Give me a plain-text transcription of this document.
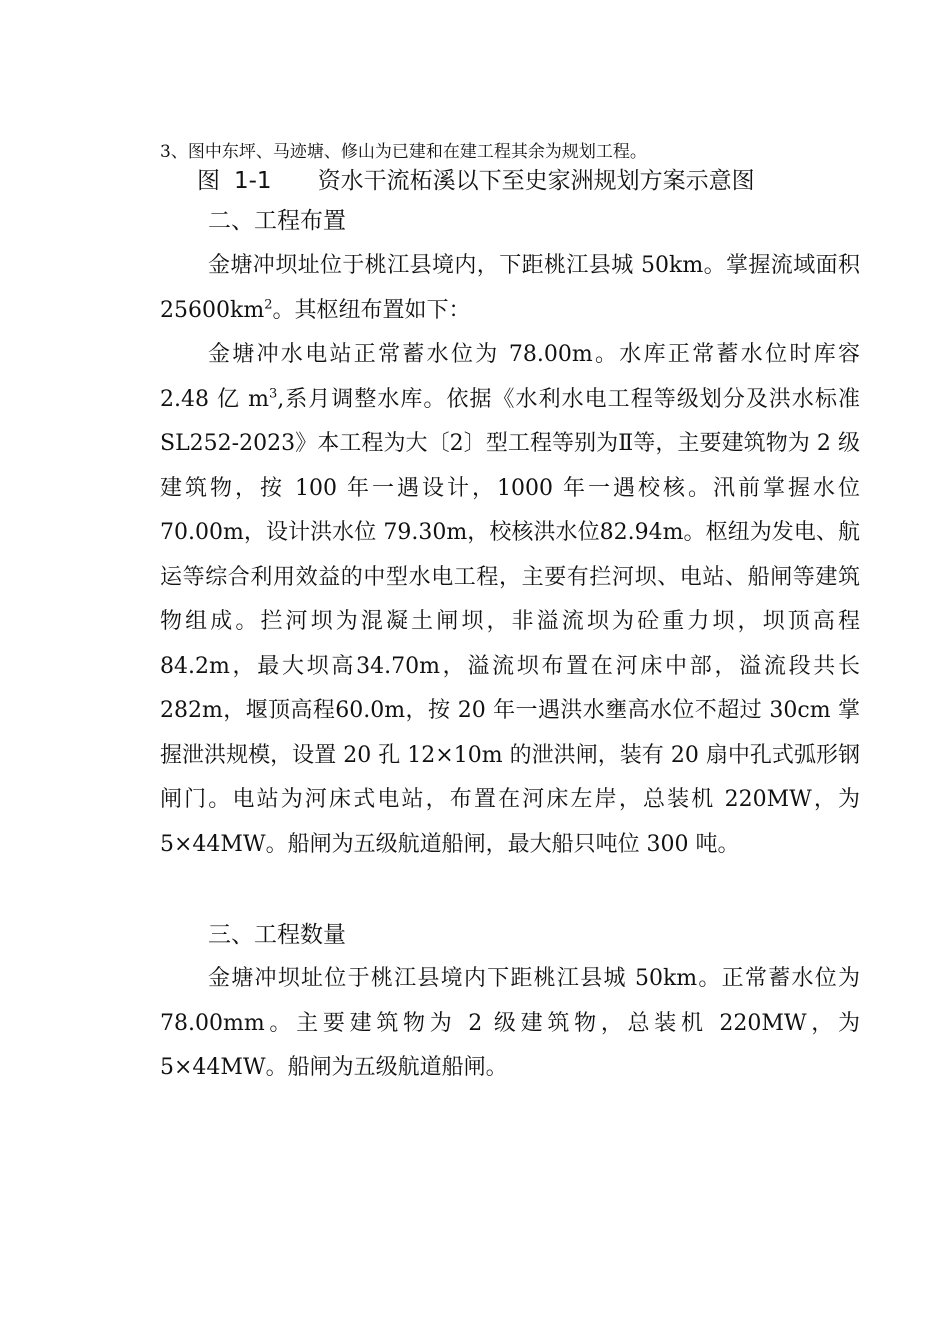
3、图中东坪、马迹塘、修山为已建和在建工程其余为规划工程。
图 1-1 资水干流柘溪以下至史家洲规划方案示意图
二、工程布置

金塘冲坝址位于桃江县境内，下距桃江县城 50km。掌握流域面积 $25600km^2$。其枢纽布置如下：

金塘冲水电站正常蓄水位为 78.00m。水库正常蓄水位时库容 2.48 亿 $m^3$,系月调整水库。依据《水利水电工程等级划分及洪水标准 SL252-2023》本工程为大〔2〕型工程等别为Ⅱ等，主要建筑物为 2 级建筑物，按 100 年一遇设计，1000 年一遇校核。汛前掌握水位 70.00m，设计洪水位 79.30m，校核洪水位82.94m。枢纽为发电、航运等综合利用效益的中型水电工程，主要有拦河坝、电站、船闸等建筑物组成。拦河坝为混凝土闸坝，非溢流坝为砼重力坝，坝顶高程 84.2m，最大坝高34.70m，溢流坝布置在河床中部，溢流段共长 282m，堰顶高程60.0m，按 20 年一遇洪水壅高水位不超过 30cm 掌握泄洪规模，设置 20 孔 12×10m 的泄洪闸，装有 20 扇中孔式弧形钢闸门。电站为河床式电站，布置在河床左岸，总装机 220MW，为5×44MW。船闸为五级航道船闸，最大船只吨位 300 吨。

三、工程数量

金塘冲坝址位于桃江县境内下距桃江县城 50km。正常蓄水位为 78.00mm。主要建筑物为 2 级建筑物，总装机 220MW，为 5×44MW。船闸为五级航道船闸。
